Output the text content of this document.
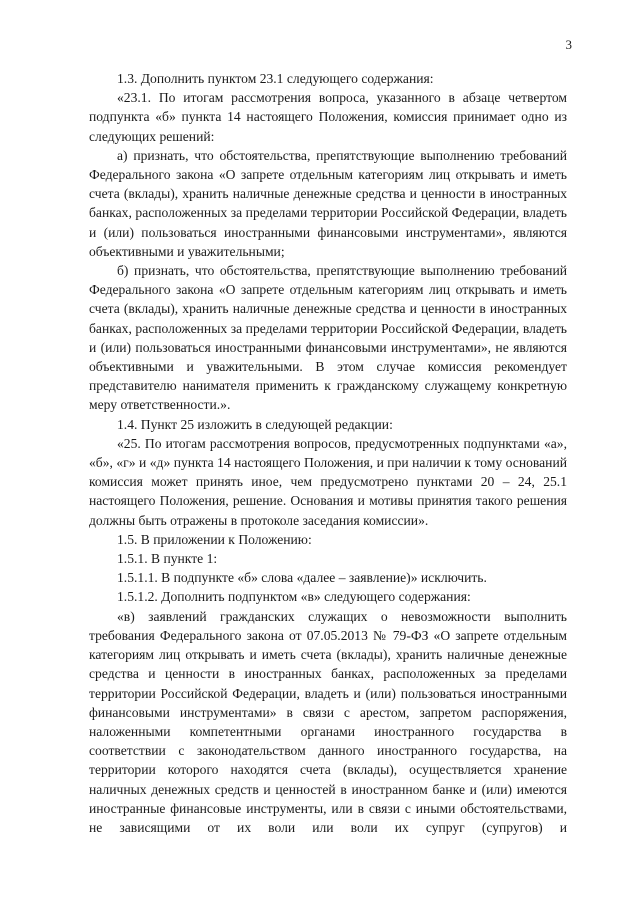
3

1.3. Дополнить пунктом 23.1 следующего содержания:

«23.1. По итогам рассмотрения вопроса, указанного в абзаце четвертом подпункта «б» пункта 14 настоящего Положения, комиссия принимает одно из следующих решений:

а) признать, что обстоятельства, препятствующие выполнению требований Федерального закона «О запрете отдельным категориям лиц открывать и иметь счета (вклады), хранить наличные денежные средства и ценности в иностранных банках, расположенных за пределами территории Российской Федерации, владеть и (или) пользоваться иностранными финансовыми инструментами», являются объективными и уважительными;

б) признать, что обстоятельства, препятствующие выполнению требований Федерального закона «О запрете отдельным категориям лиц открывать и иметь счета (вклады), хранить наличные денежные средства и ценности в иностранных банках, расположенных за пределами территории Российской Федерации, владеть и (или) пользоваться иностранными финансовыми инструментами», не являются объективными и уважительными. В этом случае комиссия рекомендует представителю нанимателя применить к гражданскому служащему конкретную меру ответственности.».

1.4. Пункт 25 изложить в следующей редакции:

«25. По итогам рассмотрения вопросов, предусмотренных подпунктами «а», «б», «г» и «д» пункта 14 настоящего Положения, и при наличии к тому оснований комиссия может принять иное, чем предусмотрено пунктами 20 – 24, 25.1 настоящего Положения, решение. Основания и мотивы принятия такого решения должны быть отражены в протоколе заседания комиссии».

1.5. В приложении к Положению:

1.5.1. В пункте 1:

1.5.1.1. В подпункте «б» слова «далее – заявление)» исключить.

1.5.1.2. Дополнить подпунктом «в» следующего содержания:

«в) заявлений гражданских служащих о невозможности выполнить требования Федерального закона от 07.05.2013 № 79-ФЗ «О запрете отдельным категориям лиц открывать и иметь счета (вклады), хранить наличные денежные средства и ценности в иностранных банках, расположенных за пределами территории Российской Федерации, владеть и (или) пользоваться иностранными финансовыми инструментами» в связи с арестом, запретом распоряжения, наложенными компетентными органами иностранного государства в соответствии с законодательством данного иностранного государства, на территории которого находятся счета (вклады), осуществляется хранение наличных денежных средств и ценностей в иностранном банке и (или) имеются иностранные финансовые инструменты, или в связи с иными обстоятельствами, не зависящими от их воли или воли их супруг (супругов) и
